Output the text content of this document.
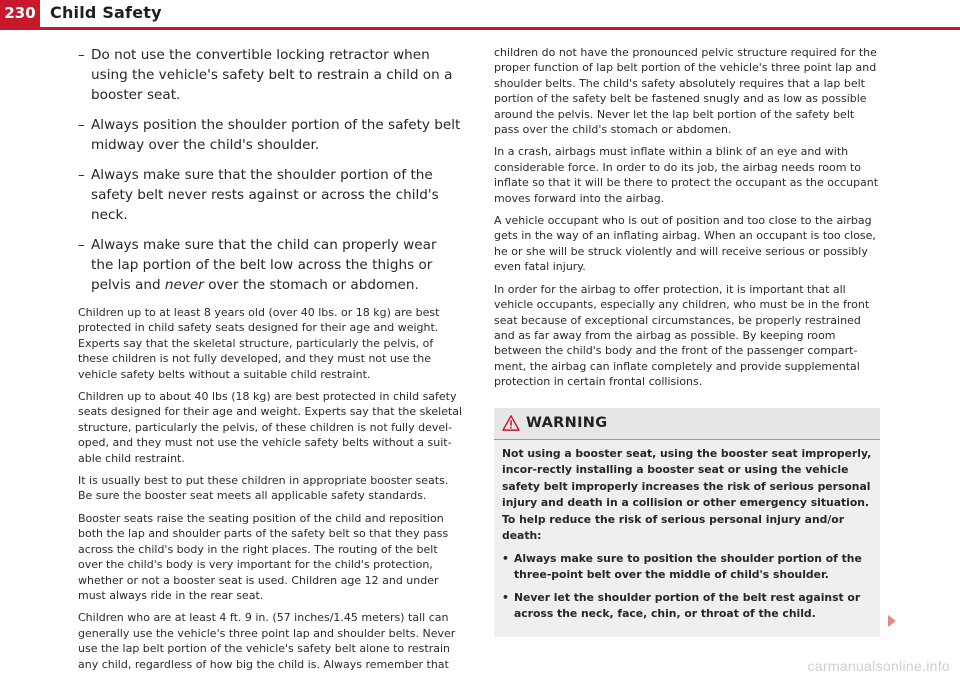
230 Child Safety
– Do not use the convertible locking retractor when using the vehicle's safety belt to restrain a child on a booster seat.
– Always position the shoulder portion of the safety belt midway over the child's shoulder.
– Always make sure that the shoulder portion of the safety belt never rests against or across the child's neck.
– Always make sure that the child can properly wear the lap portion of the belt low across the thighs or pelvis and never over the stomach or abdomen.

Children up to at least 8 years old (over 40 lbs. or 18 kg) are best protected in child safety seats designed for their age and weight. Experts say that the skeletal structure, particularly the pelvis, of these children is not fully developed, and they must not use the vehicle safety belts without a suitable child restraint.

Children up to about 40 lbs (18 kg) are best protected in child safety seats designed for their age and weight. Experts say that the skeletal structure, particularly the pelvis, of these children is not fully devel-oped, and they must not use the vehicle safety belts without a suit-able child restraint.

It is usually best to put these children in appropriate booster seats. Be sure the booster seat meets all applicable safety standards.

Booster seats raise the seating position of the child and reposition both the lap and shoulder parts of the safety belt so that they pass across the child's body in the right places. The routing of the belt over the child's body is very important for the child's protection, whether or not a booster seat is used. Children age 12 and under must always ride in the rear seat.

Children who are at least 4 ft. 9 in. (57 inches/1.45 meters) tall can generally use the vehicle's three point lap and shoulder belts. Never use the lap belt portion of the vehicle's safety belt alone to restrain any child, regardless of how big the child is. Always remember that

children do not have the pronounced pelvic structure required for the proper function of lap belt portion of the vehicle's three point lap and shoulder belts. The child's safety absolutely requires that a lap belt portion of the safety belt be fastened snugly and as low as possible around the pelvis. Never let the lap belt portion of the safety belt pass over the child's stomach or abdomen.

In a crash, airbags must inflate within a blink of an eye and with considerable force. In order to do its job, the airbag needs room to inflate so that it will be there to protect the occupant as the occupant moves forward into the airbag.

A vehicle occupant who is out of position and too close to the airbag gets in the way of an inflating airbag. When an occupant is too close, he or she will be struck violently and will receive serious or possibly even fatal injury.

In order for the airbag to offer protection, it is important that all vehicle occupants, especially any children, who must be in the front seat because of exceptional circumstances, be properly restrained and as far away from the airbag as possible. By keeping room between the child's body and the front of the passenger compart-ment, the airbag can inflate completely and provide supplemental protection in certain frontal collisions.

WARNING

Not using a booster seat, using the booster seat improperly, incor-rectly installing a booster seat or using the vehicle safety belt improperly increases the risk of serious personal injury and death in a collision or other emergency situation. To help reduce the risk of serious personal injury and/or death:

• Always make sure to position the shoulder portion of the three-point belt over the middle of child's shoulder.

• Never let the shoulder portion of the belt rest against or across the neck, face, chin, or throat of the child.

carmanualsonline.info
